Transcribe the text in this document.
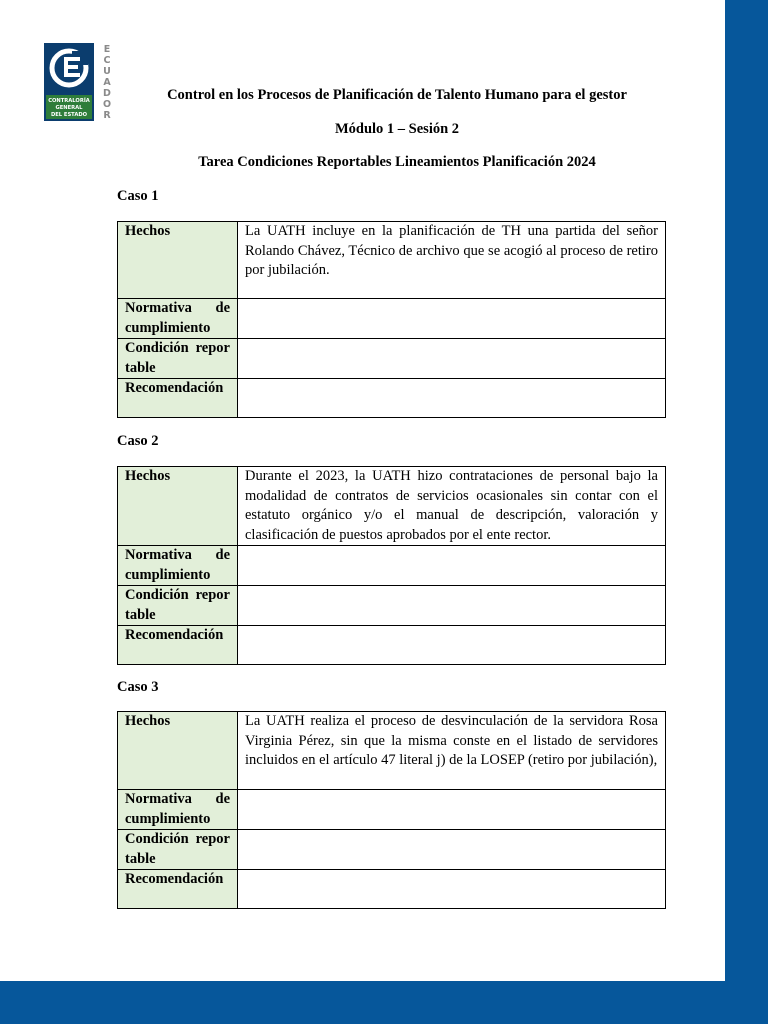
CONTRALORÍA
GENERAL
DEL ESTADO
E
C
U
A
D
O
R

Control en los Procesos de Planificación de Talento Humano para el gestor

Módulo 1 – Sesión 2

Tarea Condiciones Reportables Lineamientos Planificación 2024

Caso 1

Hechos	La UATH incluye en la planificación de TH una partida del señor Rolando Chávez, Técnico de archivo que se acogió al proceso de retiro por jubilación.

Normativa de
cumplimiento	

Condición reportable	
Recomendación	

Caso 2

Hechos	Durante el 2023, la UATH hizo contrataciones de personal bajo la modalidad de contratos de servicios ocasionales sin contar con el estatuto orgánico y/o el manual de descripción, valoración y clasificación de puestos aprobados por el ente rector.

Normativa de
cumplimiento	

Condición reportable	
Recomendación	

Caso 3

Hechos	La UATH realiza el proceso de desvinculación de la servidora Rosa Virginia Pérez, sin que la misma conste en el listado de servidores incluidos en el artículo 47 literal j) de la LOSEP (retiro por jubilación),

Normativa de
cumplimiento	

Condición reportable	
Recomendación	
